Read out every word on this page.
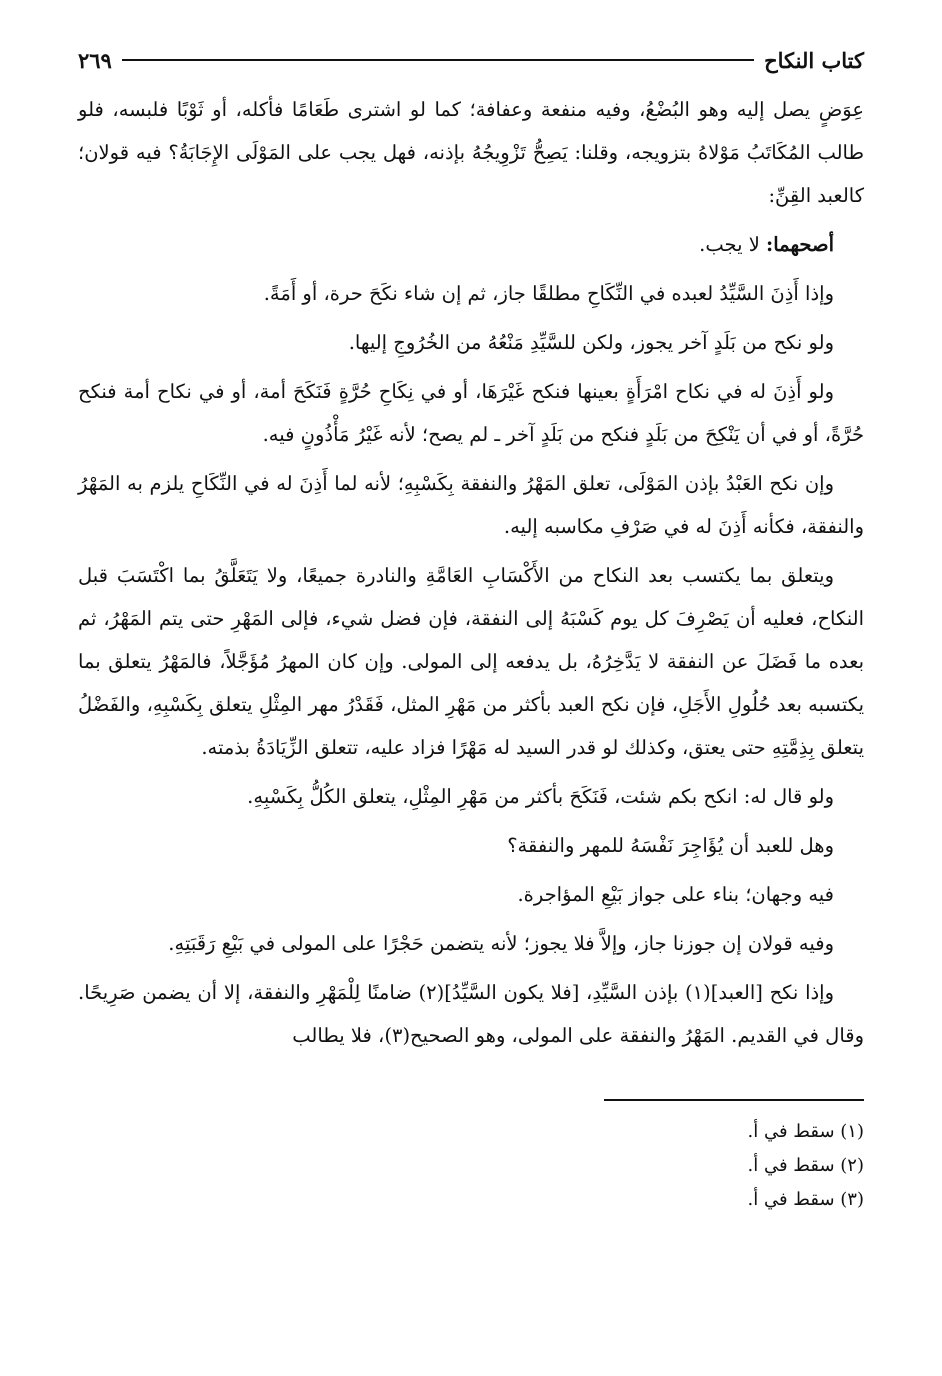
كتاب النكاح
٢٦٩

عِوَضٍ يصل إليه وهو البُضْعُ، وفيه منفعة وعفافة؛ كما لو اشترى طَعَامًا فأكله، أو ثَوْبًا فلبسه، فلو طالب المُكَاتَبُ مَوْلاهُ بتزويجه، وقلنا: يَصِحُّ تَزْوِيجُهُ بإذنه، فهل يجب على المَوْلَى الإِجَابَةُ؟ فيه قولان؛ كالعبد القِنِّ:

أصحهما: لا يجب.

وإذا أَذِنَ السَّيِّدُ لعبده في النِّكَاحِ مطلقًا جاز، ثم إن شاء نكَحَ حرة، أو أَمَةً.

ولو نكح من بَلَدٍ آخر يجوز، ولكن للسَّيِّدِ مَنْعُهُ من الخُرُوجِ إليها.

ولو أَذِنَ له في نكاح امْرَأَةٍ بعينها فنكح غَيْرَهَا، أو في نِكَاحِ حُرَّةٍ فَنَكَحَ أمة، أو في نكاح أمة فنكح حُرَّةً، أو في أن يَنْكِحَ من بَلَدٍ فنكح من بَلَدٍ آخر ـ لم يصح؛ لأنه غَيْرُ مَأْذُونٍ فيه.

وإن نكح العَبْدُ بإذن المَوْلَى، تعلق المَهْرُ والنفقة بِكَسْبِهِ؛ لأنه لما أَذِنَ له في النِّكَاحِ يلزم به المَهْرُ والنفقة، فكأنه أَذِنَ له في صَرْفِ مكاسبه إليه.

ويتعلق بما يكتسب بعد النكاح من الأَكْسَابِ العَامَّةِ والنادرة جميعًا، ولا يَتَعَلَّقُ بما اكْتَسَبَ قبل النكاح، فعليه أن يَصْرِفَ كل يوم كَسْبَهُ إلى النفقة، فإن فضل شيء، فإلى المَهْرِ حتى يتم المَهْرُ، ثم بعده ما فَضَلَ عن النفقة لا يَدَّخِرُهُ، بل يدفعه إلى المولى. وإن كان المهرُ مُؤَجَّلاً، فالمَهْرُ يتعلق بما يكتسبه بعد حُلُولِ الأَجَلِ، فإن نكح العبد بأكثر من مَهْرِ المثل، فَقَدْرُ مهر المِثْلِ يتعلق بِكَسْبِهِ، والفَضْلُ يتعلق بِذِمَّتِهِ حتى يعتق، وكذلك لو قدر السيد له مَهْرًا فزاد عليه، تتعلق الزِّيَادَةُ بذمته.

ولو قال له: انكح بكم شئت، فَنَكَحَ بأكثر من مَهْرِ المِثْلِ، يتعلق الكُلُّ بِكَسْبِهِ.

وهل للعبد أن يُؤَاجِرَ نَفْسَهُ للمهر والنفقة؟

فيه وجهان؛ بناء على جواز بَيْعِ المؤاجرة.

وفيه قولان إن جوزنا جاز، وإلاَّ فلا يجوز؛ لأنه يتضمن حَجْرًا على المولى في بَيْعِ رَقَبَتِهِ.

وإذا نكح [العبد](١) بإذن السَّيِّدِ، [فلا يكون السَّيِّدُ](٢) ضامنًا لِلْمَهْرِ والنفقة، إلا أن يضمن صَرِيحًا. وقال في القديم. المَهْرُ والنفقة على المولى، وهو الصحيح(٣)، فلا يطالب

(١) سقط في أ.
(٢) سقط في أ.
(٣) سقط في أ.
